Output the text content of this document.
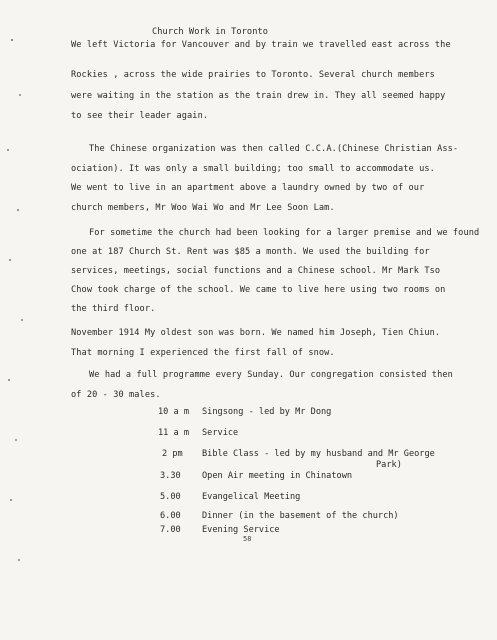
Church Work in Toronto
We left Victoria for Vancouver and by train we travelled east across the
Rockies , across the wide prairies to Toronto. Several church members
were waiting in the station as the train drew in. They all seemed happy
to see their leader again.
The Chinese organization was then called C.C.A.(Chinese Christian Ass-
ociation). It was only a small building; too small to accommodate us.
We went to live in an apartment above a laundry owned by two of our
church members, Mr Woo Wai Wo and Mr Lee Soon Lam.
For sometime the church had been looking for a larger premise and we found
one at 187 Church St. Rent was $85 a month. We used the building for
services, meetings, social functions and a Chinese school. Mr Mark Tso
Chow took charge of the school. We came to live here using two rooms on
the third floor.
November 1914 My oldest son was born. We named him Joseph, Tien Chiun.
That morning I experienced the first fall of snow.
We had a full programme every Sunday. Our congregation consisted then
of 20 - 30 males.
10 a m Singsong - led by Mr Dong
11 a m Service
2 pm Bible Class - led by my husband and Mr George
Park)
3.30 Open Air meeting in Chinatown
5.00 Evangelical Meeting
6.00 Dinner (in the basement of the church)
7.00 Evening Service
58
